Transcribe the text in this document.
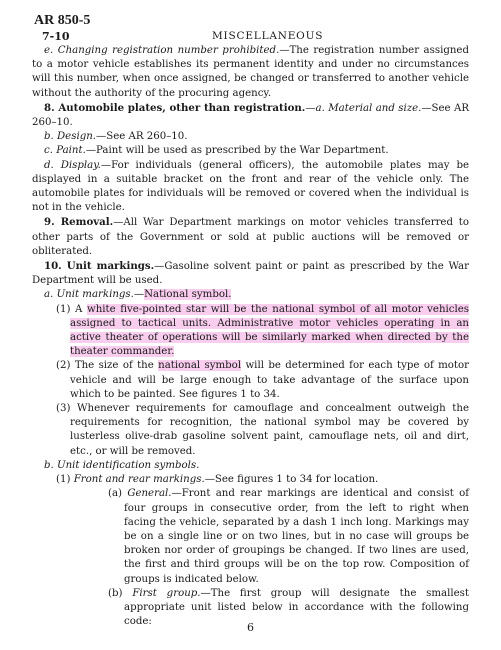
AR 850-5
7-10	MISCELLANEOUS

e. Changing registration number prohibited.—The registration number assigned to a motor vehicle establishes its permanent identity and under no circumstances will this number, when once assigned, be changed or transferred to another vehicle without the authority of the procuring agency.

8. Automobile plates, other than registration.—a. Material and size.—See AR 260–10.

b. Design.—See AR 260–10.

c. Paint.—Paint will be used as prescribed by the War Department.

d. Display.—For individuals (general officers), the automobile plates may be displayed in a suitable bracket on the front and rear of the vehicle only. The automobile plates for individuals will be removed or covered when the individual is not in the vehicle.

9. Removal.—All War Department markings on motor vehicles transferred to other parts of the Government or sold at public auctions will be removed or obliterated.

10. Unit markings.—Gasoline solvent paint or paint as prescribed by the War Department will be used.

a. Unit markings.—National symbol.

(1) A white five-pointed star will be the national symbol of all motor vehicles assigned to tactical units. Administrative motor vehicles operating in an active theater of operations will be similarly marked when directed by the theater commander.

(2) The size of the national symbol will be determined for each type of motor vehicle and will be large enough to take advantage of the surface upon which to be painted. See figures 1 to 34.

(3) Whenever requirements for camouflage and concealment outweigh the requirements for recognition, the national symbol may be covered by lusterless olive-drab gasoline solvent paint, camouflage nets, oil and dirt, etc., or will be removed.

b. Unit identification symbols.

(1) Front and rear markings.—See figures 1 to 34 for location.

(a) General.—Front and rear markings are identical and consist of four groups in consecutive order, from the left to right when facing the vehicle, separated by a dash 1 inch long. Markings may be on a single line or on two lines, but in no case will groups be broken nor order of groupings be changed. If two lines are used, the first and third groups will be on the top row. Composition of groups is indicated below.

(b) First group.—The first group will designate the smallest appropriate unit listed below in accordance with the following code:	6
